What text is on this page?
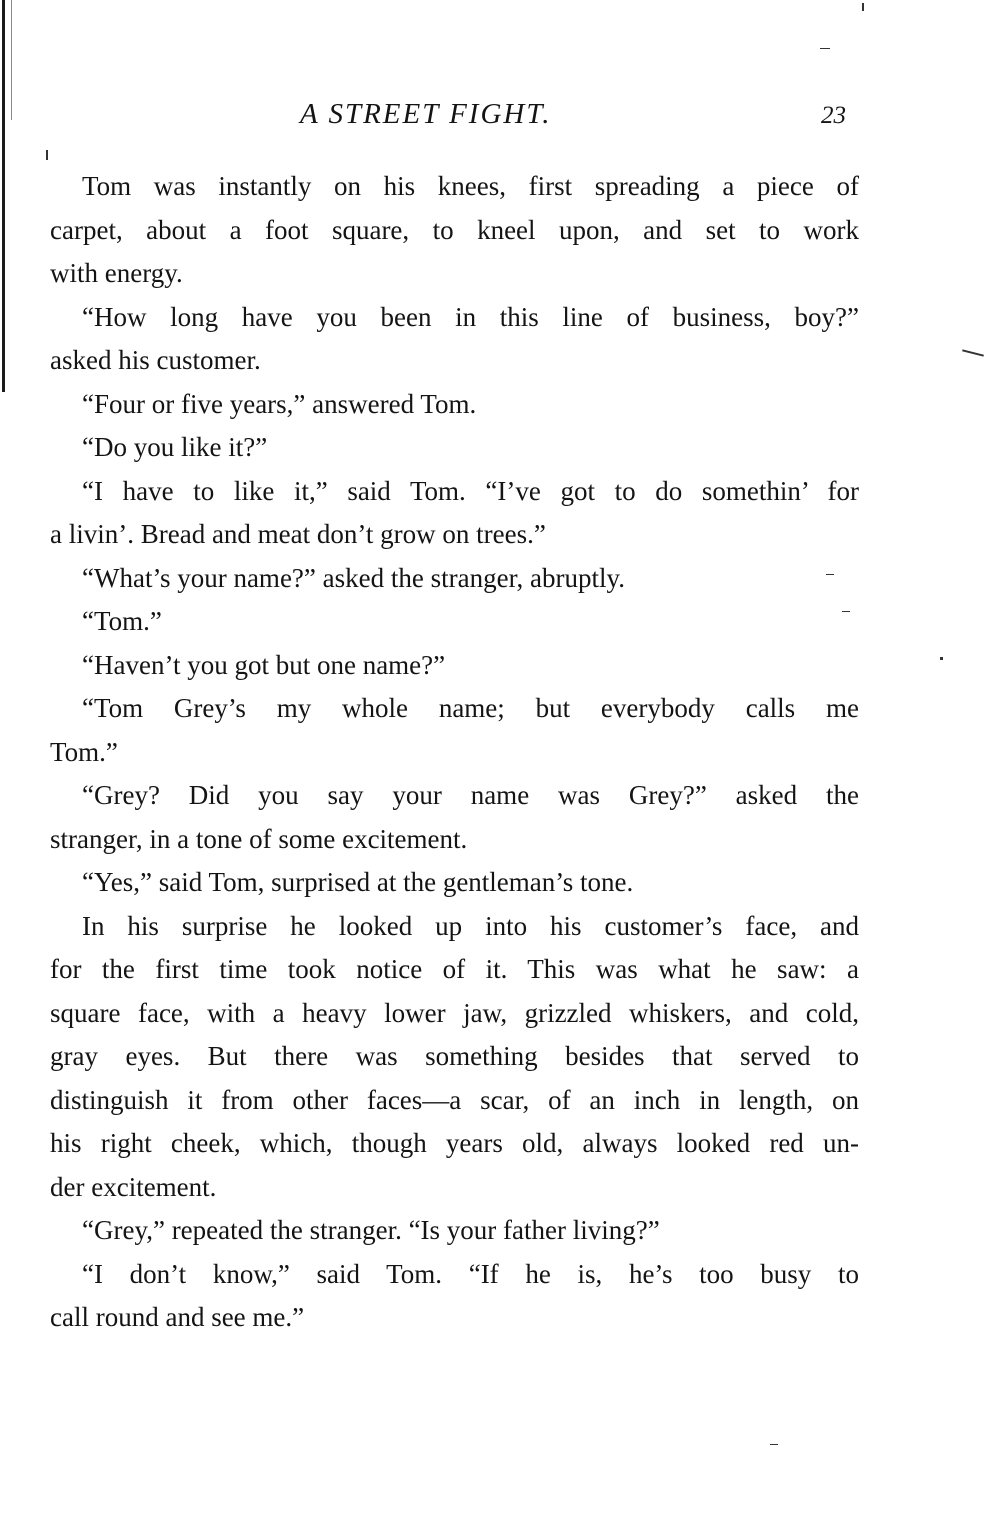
A STREET FIGHT.	23
Tom was instantly on his knees, first spreading a piece of
carpet, about a foot square, to kneel upon, and set to work
with energy.
“How long have you been in this line of business, boy?”
asked his customer.
“Four or five years,” answered Tom.
“Do you like it?”
“I have to like it,” said Tom. “I’ve got to do somethin’ for
a livin’. Bread and meat don’t grow on trees.”
“What’s your name?” asked the stranger, abruptly.
“Tom.”
“Haven’t you got but one name?”
“Tom Grey’s my whole name; but everybody calls me
Tom.”
“Grey? Did you say your name was Grey?” asked the
stranger, in a tone of some excitement.
“Yes,” said Tom, surprised at the gentleman’s tone.
In his surprise he looked up into his customer’s face, and
for the first time took notice of it. This was what he saw: a
square face, with a heavy lower jaw, grizzled whiskers, and cold,
gray eyes. But there was something besides that served to
distinguish it from other faces—a scar, of an inch in length, on
his right cheek, which, though years old, always looked red un-
der excitement.
“Grey,” repeated the stranger. “Is your father living?”
“I don’t know,” said Tom. “If he is, he’s too busy to
call round and see me.”
